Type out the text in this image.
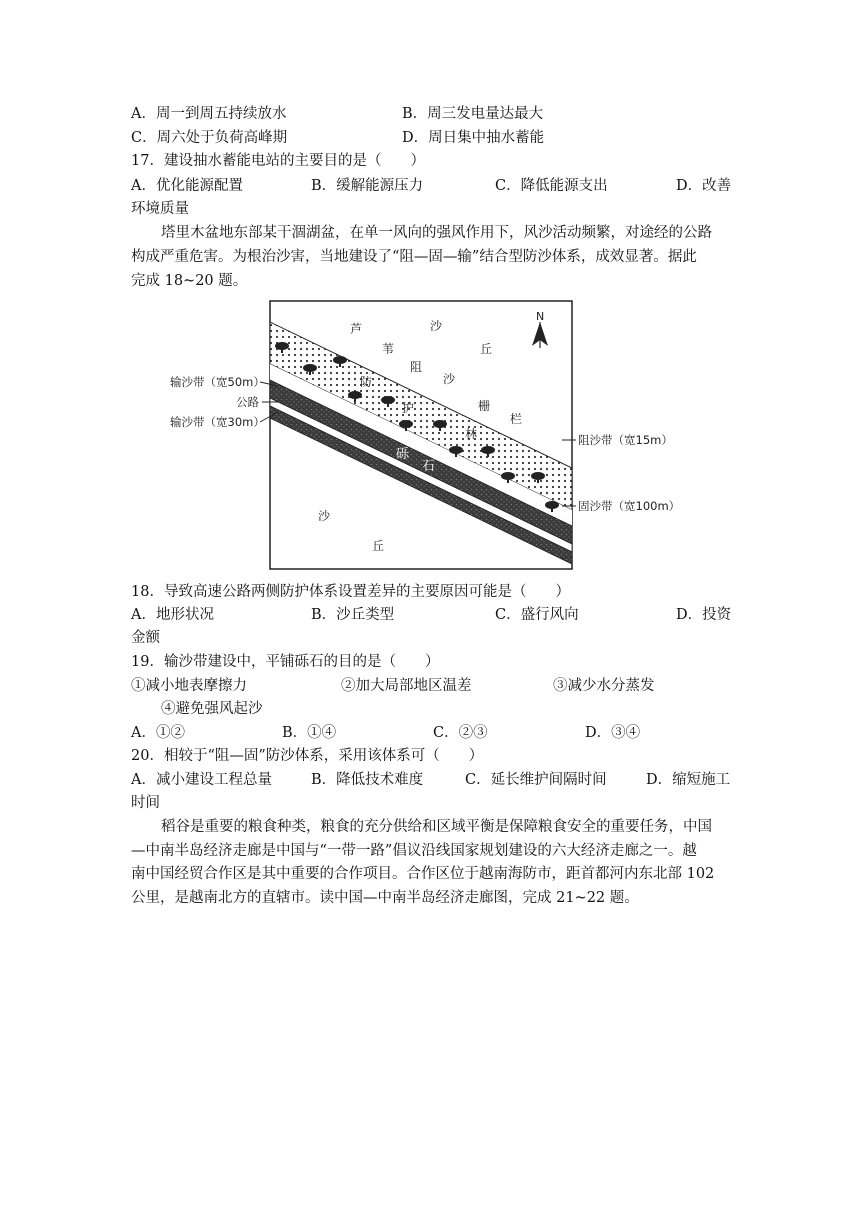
A．周一到周五持续放水	B．周三发电量达最大
C．周六处于负荷高峰期	D．周日集中抽水蓄能
17．建设抽水蓄能电站的主要目的是（　　）
A．优化能源配置	B．缓解能源压力	C．降低能源支出	D．改善
环境质量
塔里木盆地东部某干涸湖盆，在单一风向的强风作用下，风沙活动频繁，对途经的公路
构成严重危害。为根治沙害，当地建设了“阻—固—输”结合型防沙体系，成效显著。据此
完成 18~20 题。
芦
苇
阻
沙
栅
栏
防
护
林
砾
石
沙
丘
沙
丘
N
输沙带（宽50m）
公路
输沙带（宽30m）
阻沙带（宽15m）
固沙带（宽100m）
18．导致高速公路两侧防护体系设置差异的主要原因可能是（　　）
A．地形状况	B．沙丘类型	C．盛行风向	D．投资
金额
19．输沙带建设中，平铺砾石的目的是（　　）
①减小地表摩擦力	②加大局部地区温差	③减少水分蒸发
④避免强风起沙
A．①②	B．①④	C．②③	D．③④
20．相较于“阻—固”防沙体系，采用该体系可（　　）
A．减小建设工程总量	B．降低技术难度	C．延长维护间隔时间	D．缩短施工
时间
稻谷是重要的粮食种类，粮食的充分供给和区域平衡是保障粮食安全的重要任务，中国
—中南半岛经济走廊是中国与“一带一路”倡议沿线国家规划建设的六大经济走廊之一。越
南中国经贸合作区是其中重要的合作项目。合作区位于越南海防市，距首都河内东北部 102
公里，是越南北方的直辖市。读中国—中南半岛经济走廊图，完成 21~22 题。
